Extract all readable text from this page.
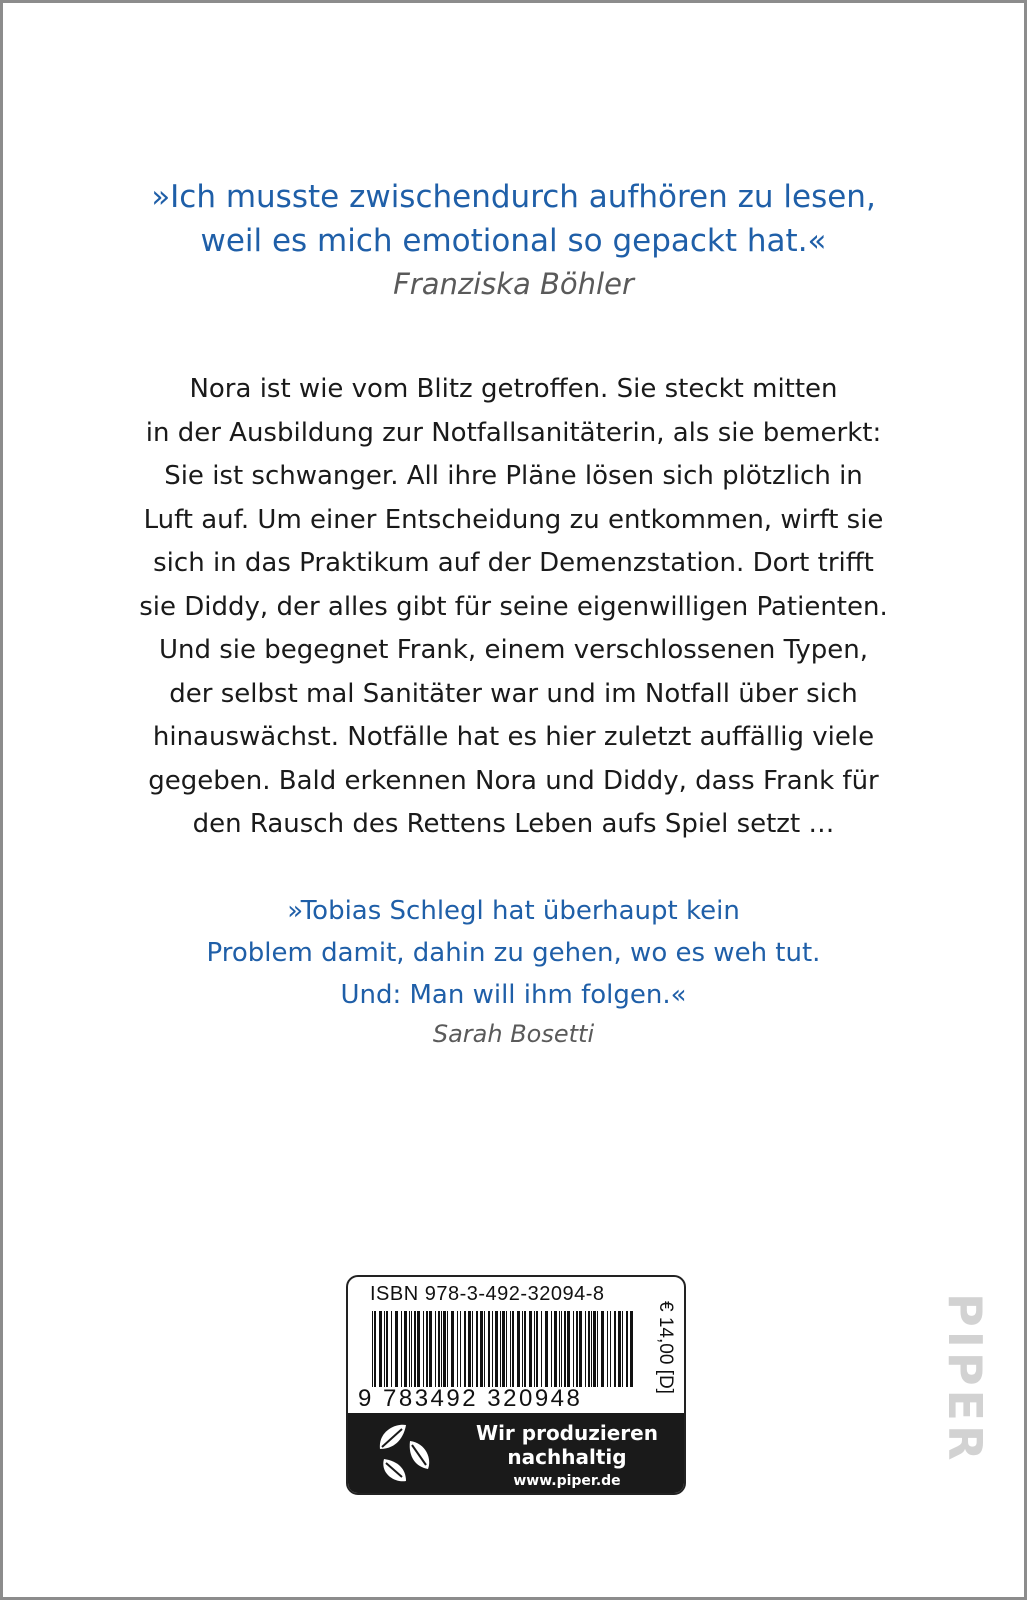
»Ich musste zwischendurch aufhören zu lesen,
weil es mich emotional so gepackt hat.«
Franziska Böhler
Nora ist wie vom Blitz getroffen. Sie steckt mitten
in der Ausbildung zur Notfallsanitäterin, als sie bemerkt:
Sie ist schwanger. All ihre Pläne lösen sich plötzlich in
Luft auf. Um einer Entscheidung zu entkommen, wirft sie
sich in das Praktikum auf der Demenzstation. Dort trifft
sie Diddy, der alles gibt für seine eigenwilligen Patienten.
Und sie begegnet Frank, einem verschlossenen Typen,
der selbst mal Sanitäter war und im Notfall über sich
hinauswächst. Notfälle hat es hier zuletzt auffällig viele
gegeben. Bald erkennen Nora und Diddy, dass Frank für
den Rausch des Rettens Leben aufs Spiel setzt …
»Tobias Schlegl hat überhaupt kein
Problem damit, dahin zu gehen, wo es weh tut.
Und: Man will ihm folgen.«
Sarah Bosetti
ISBN 978-3-492-32094-8
9 783492 320948
€ 14,00 [D]
Wir produzieren
nachhaltig
www.piper.de
PIPER
